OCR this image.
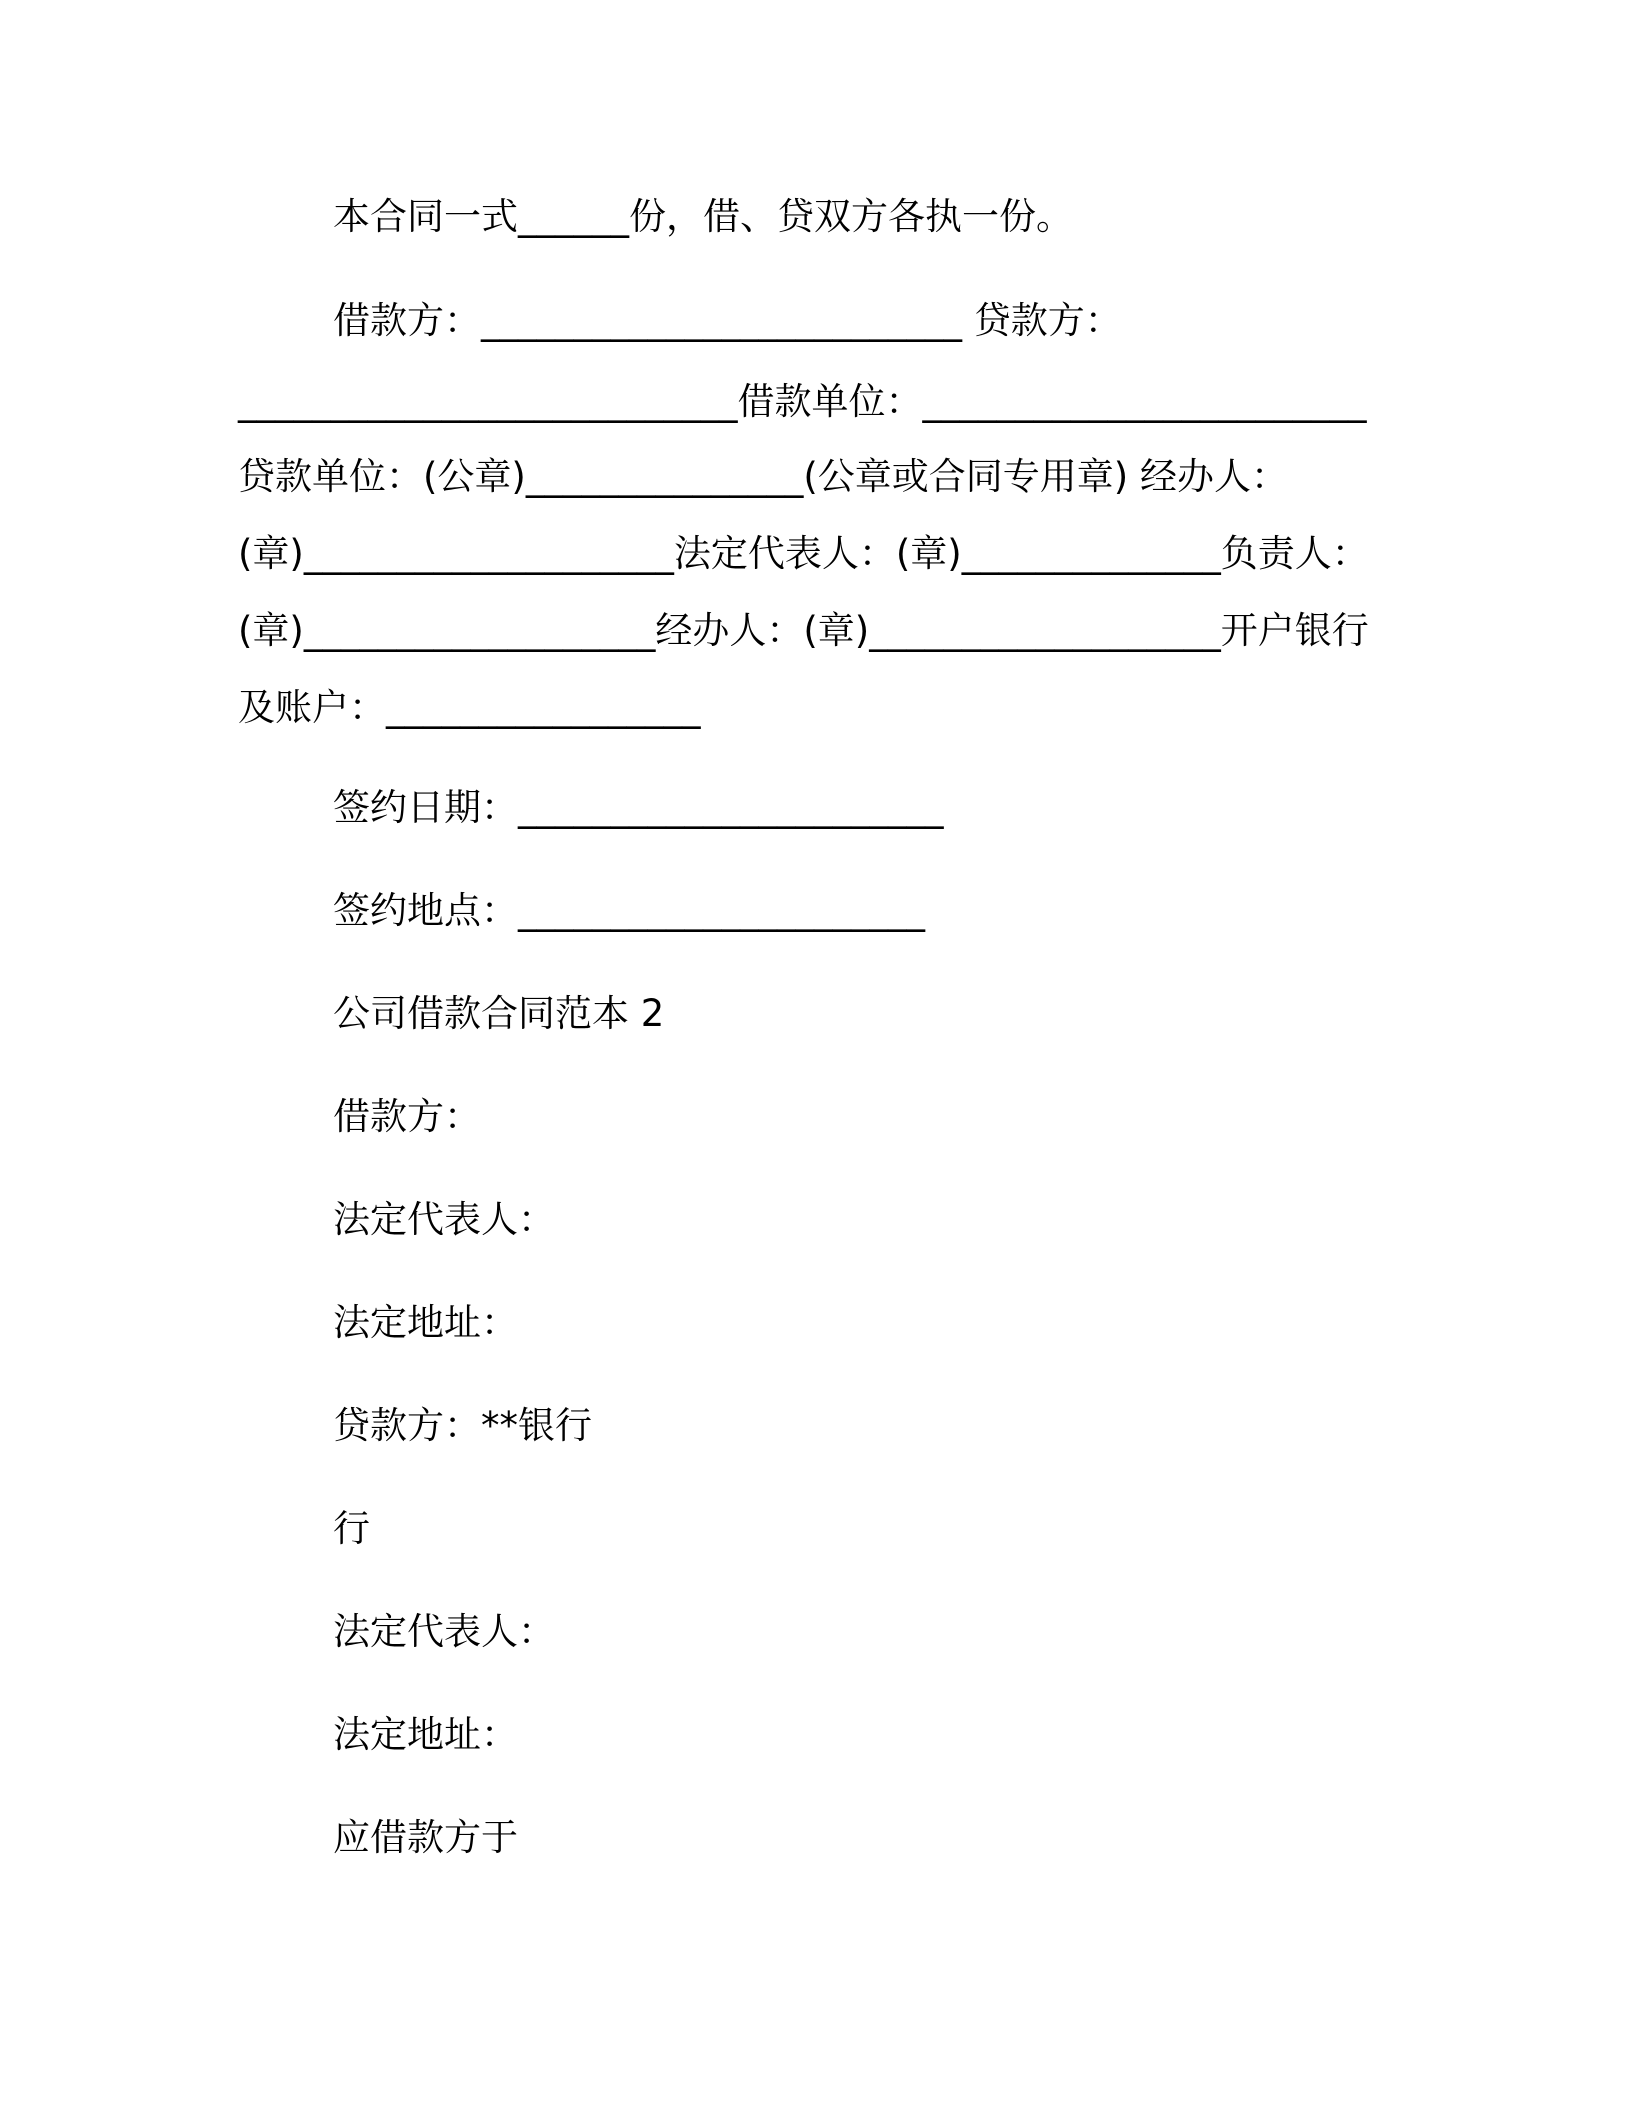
本合同一式______份，借、贷双方各执一份。
借款方：__________________________ 贷款方：
___________________________借款单位：________________________
贷款单位：(公章)_______________(公章或合同专用章) 经办人：
(章)____________________法定代表人：(章)______________负责人：
(章)___________________经办人：(章)___________________开户银行
及账户：_________________
签约日期：_______________________
签约地点：______________________
公司借款合同范本 2
借款方：
法定代表人：
法定地址：
贷款方：**银行
行
法定代表人：
法定地址：
应借款方于
